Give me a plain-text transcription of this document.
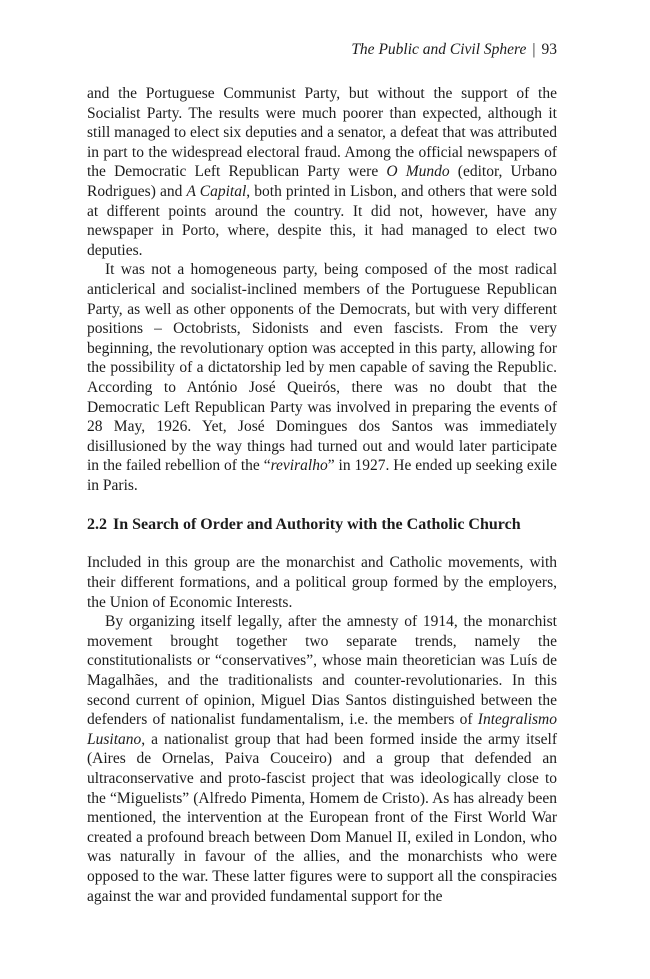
The Public and Civil Sphere | 93

and the Portuguese Communist Party, but without the support of the Socialist Party. The results were much poorer than expected, although it still managed to elect six deputies and a senator, a defeat that was attributed in part to the widespread electoral fraud. Among the official newspapers of the Democratic Left Republican Party were O Mundo (editor, Urbano Rodrigues) and A Capital, both printed in Lisbon, and others that were sold at different points around the country. It did not, however, have any newspaper in Porto, where, despite this, it had managed to elect two deputies.

It was not a homogeneous party, being composed of the most radical anticlerical and socialist-inclined members of the Portuguese Republican Party, as well as other opponents of the Democrats, but with very different positions – Octobrists, Sidonists and even fascists. From the very beginning, the revolutionary option was accepted in this party, allowing for the possibility of a dictatorship led by men capable of saving the Republic. According to António José Queirós, there was no doubt that the Democratic Left Republican Party was involved in preparing the events of 28 May, 1926. Yet, José Domingues dos Santos was immediately disillusioned by the way things had turned out and would later participate in the failed rebellion of the “reviralho” in 1927. He ended up seeking exile in Paris.

2.2 In Search of Order and Authority with the Catholic Church

Included in this group are the monarchist and Catholic movements, with their different formations, and a political group formed by the employers, the Union of Economic Interests.

By organizing itself legally, after the amnesty of 1914, the monarchist movement brought together two separate trends, namely the constitutionalists or “conservatives”, whose main theoretician was Luís de Magalhães, and the traditionalists and counter-revolutionaries. In this second current of opinion, Miguel Dias Santos distinguished between the defenders of nationalist fundamentalism, i.e. the members of Integralismo Lusitano, a nationalist group that had been formed inside the army itself (Aires de Ornelas, Paiva Couceiro) and a group that defended an ultraconservative and proto-fascist project that was ideologically close to the “Miguelists” (Alfredo Pimenta, Homem de Cristo). As has already been mentioned, the intervention at the European front of the First World War created a profound breach between Dom Manuel II, exiled in London, who was naturally in favour of the allies, and the monarchists who were opposed to the war. These latter figures were to support all the conspiracies against the war and provided fundamental support for the
